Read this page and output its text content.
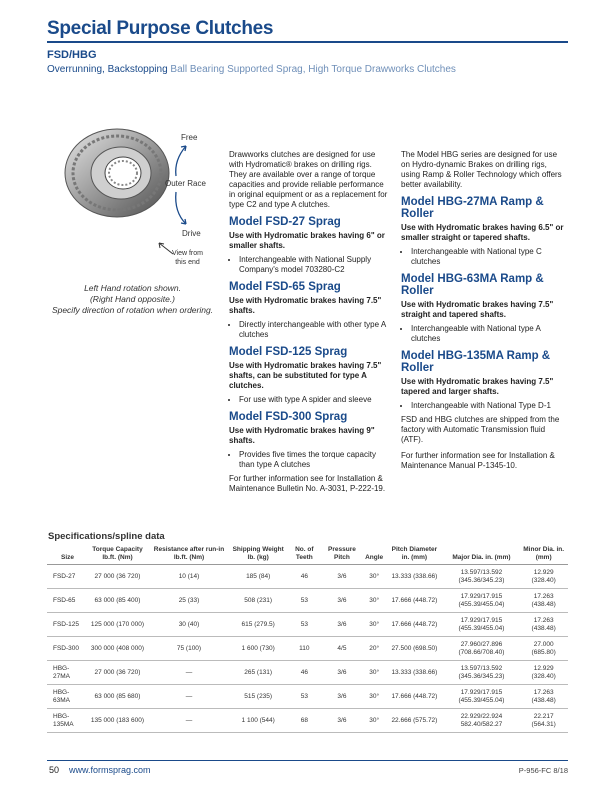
Special Purpose Clutches
FSD/HBG
Overrunning, Backstopping Ball Bearing Supported Sprag, High Torque Drawworks Clutches
Free
Outer Race
Drive
View from
this end
Left Hand rotation shown.
(Right Hand opposite.)
Specify direction of rotation when ordering.

Drawworks clutches are designed for use with Hydromatic® brakes on drilling rigs. They are available over a range of torque capacities and provide reliable performance in original equipment or as a replacement for type C2 and type A clutches.

Model FSD-27 Sprag

Use with Hydromatic brakes having 6" or smaller shafts.

• Interchangeable with National Supply Company's model 703280-C2
Model FSD-65 Sprag

Use with Hydromatic brakes having 7.5" shafts.

• Directly interchangeable with other type A clutches
Model FSD-125 Sprag

Use with Hydromatic brakes having 7.5" shafts, can be substituted for type A clutches.

• For use with type A spider and sleeve
Model FSD-300 Sprag

Use with Hydromatic brakes having 9" shafts.

• Provides five times the torque capacity than type A clutches

For further information see for Installation & Maintenance Bulletin No. A-3031, P-222-19.

The Model HBG series are designed for use on Hydro-dynamic Brakes on drilling rigs, using Ramp & Roller Technology which offers better availability.

Model HBG-27MA Ramp & Roller

Use with Hydromatic brakes having 6.5" or smaller straight or tapered shafts.

• Interchangeable with National type C clutches
Model HBG-63MA Ramp & Roller

Use with Hydromatic brakes having 7.5" straight and tapered shafts.

• Interchangeable with National type A clutches
Model HBG-135MA Ramp & Roller

Use with Hydromatic brakes having 7.5" tapered and larger shafts.

• Interchangeable with National Type D-1

FSD and HBG clutches are shipped from the factory with Automatic Transmission fluid (ATF).

For further information see for Installation & Maintenance Manual P-1345-10.

Specifications/spline data
Size	Torque Capacity lb.ft. (Nm)	Resistance after run-in lb.ft. (Nm)	Shipping Weight lb. (kg)	No. of Teeth	Pressure Pitch	Angle	Pitch Diameter in. (mm)	Major Dia. in. (mm)	Minor Dia. in. (mm)
FSD-27	27 000 (36 720)	10 (14)	185 (84)	46	3/6	30°	13.333 (338.66)	13.597/13.592 (345.36/345.23)	12.929 (328.40)
FSD-65	63 000 (85 400)	25 (33)	508 (231)	53	3/6	30°	17.666 (448.72)	17.929/17.915 (455.39/455.04)	17.263 (438.48)
FSD-125	125 000 (170 000)	30 (40)	615 (279.5)	53	3/6	30°	17.666 (448.72)	17.929/17.915 (455.39/455.04)	17.263 (438.48)
FSD-300	300 000 (408 000)	75 (100)	1 600 (730)	110	4/5	20°	27.500 (698.50)	27.960/27.896 (708.66/708.40)	27.000 (685.80)
HBG-27MA	27 000 (36 720)	—	265 (131)	46	3/6	30°	13.333 (338.66)	13.597/13.592 (345.36/345.23)	12.929 (328.40)
HBG-63MA	63 000 (85 680)	—	515 (235)	53	3/6	30°	17.666 (448.72)	17.929/17.915 (455.39/455.04)	17.263 (438.48)
HBG-135MA	135 000 (183 600)	—	1 100 (544)	68	3/6	30°	22.666 (575.72)	22.929/22.924 582.40/582.27	22.217 (564.31)
50 www.formsprag.com	P-956-FC 8/18
